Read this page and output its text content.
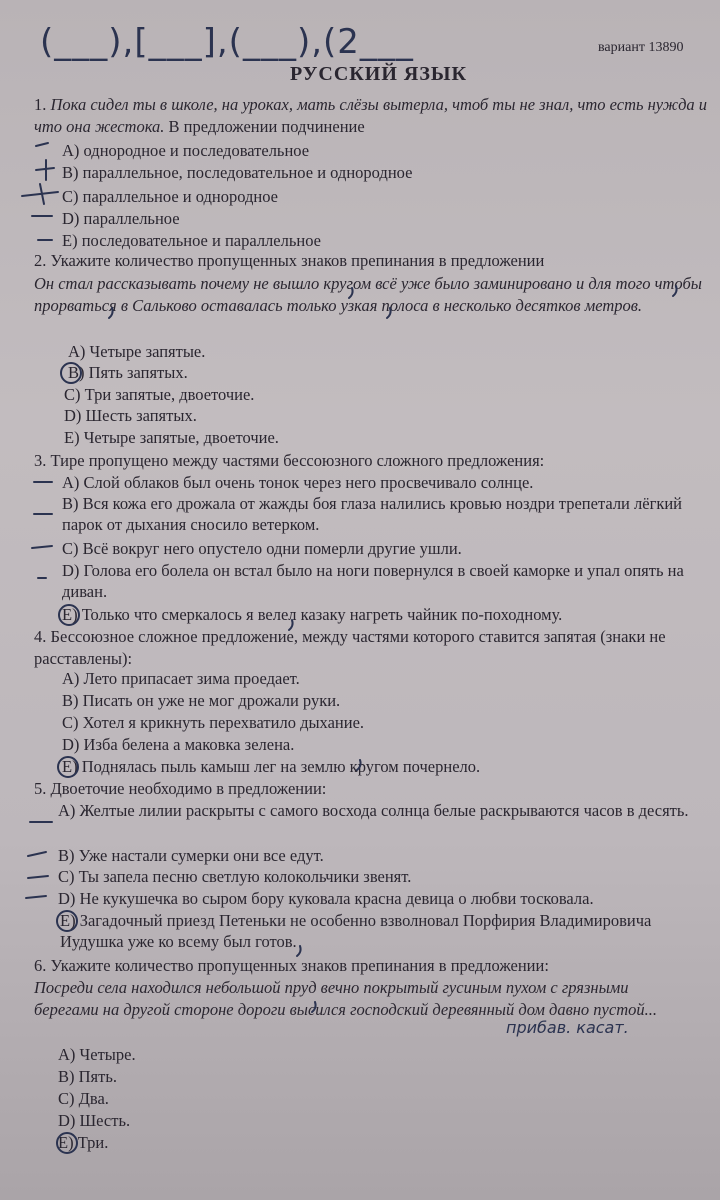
(___),[___],(___),(2___	вариант 13890
РУССКИЙ ЯЗЫК
1. Пока сидел ты в школе, на уроках, мать слёзы вытерла, чтоб ты не знал, что есть нужда и что она жестока. В предложении подчинение
А) однородное и последовательное
В) параллельное, последовательное и однородное
С) параллельное и однородное
D) параллельное
Е) последовательное и параллельное
2. Укажите количество пропущенных знаков препинания в предложении
Он стал рассказывать почему не вышло кругом всё уже было заминировано и для того чтобы прорваться в Сальково оставалась только узкая полоса в несколько десятков метров.
А) Четыре запятые.
В) Пять запятых.
С) Три запятые, двоеточие.
D) Шесть запятых.
Е) Четыре запятые, двоеточие.
3. Тире пропущено между частями бессоюзного сложного предложения:
А) Слой облаков был очень тонок через него просвечивало солнце.
В) Вся кожа его дрожала от жажды боя глаза налились кровью ноздри трепетали лёгкий парок от дыхания сносило ветерком.
С) Всё вокруг него опустело одни померли другие ушли.
D) Голова его болела он встал было на ноги повернулся в своей каморке и упал опять на диван.
Е) Только что смеркалось я велел казаку нагреть чайник по-походному.
4. Бессоюзное сложное предложение, между частями которого ставится запятая (знаки не расставлены):
А) Лето припасает зима проедает.
В) Писать он уже не мог дрожали руки.
С) Хотел я крикнуть перехватило дыхание.
D) Изба белена а маковка зелена.
Е) Поднялась пыль камыш лег на землю кругом почернело.
5. Двоеточие необходимо в предложении:
А) Желтые лилии раскрыты с самого восхода солнца белые раскрываются часов в десять.
В) Уже настали сумерки они все едут.
С) Ты запела песню светлую колокольчики звенят.
D) Не кукушечка во сыром бору куковала красна девица о любви тосковала.
Е) Загадочный приезд Петеньки не особенно взволновал Порфирия Владимировича Иудушка уже ко всему был готов.
6. Укажите количество пропущенных знаков препинания в предложении:
Посреди села находился небольшой пруд вечно покрытый гусиным пухом с грязными берегами на другой стороне дороги высился господский деревянный дом давно пустой...
прибав. касат.
А) Четыре.
В) Пять.
С) Два.
D) Шесть.
Е) Три.
